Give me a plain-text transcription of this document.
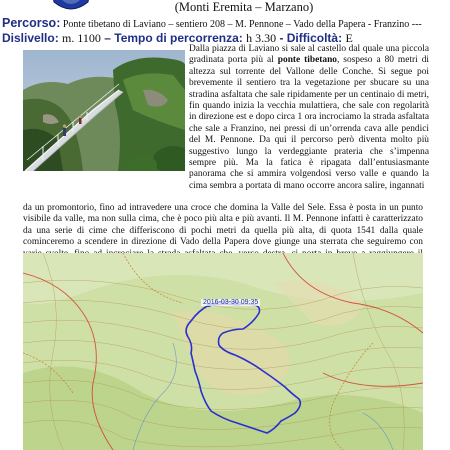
(Monti Eremita – Marzano)
Percorso: Ponte tibetano di Laviano – sentiero 208 – M. Pennone – Vado della Papera - Franzino ---
Dislivello: m. 1100 – Tempo di percorrenza: h 3.30 - Difficoltà: E
Dalla piazza di Laviano si sale al castello dal quale una piccola gradinata porta più al ponte tibetano, sospeso a 80 metri di altezza sul torrente del Vallone delle Conche. Si segue poi brevemente il sentiero tra la vegetazione per sbucare su una stradina asfaltata che sale ripidamente per un centinaio di metri, fin quando inizia la vecchia mulattiera, che sale con regolarità in direzione est e dopo circa 1 ora incrociamo la strada asfaltata che sale a Franzino, nei pressi di un’orrenda cava alle pendici del M. Pennone. Da qui il percorso però diventa molto più suggestivo lungo la verdeggiante prateria che s’impenna sempre più. Ma la fatica è ripagata dall’entusiasmante panorama che si ammira volgendosi verso valle e quando la cima sembra a portata di mano occorre ancora salire, ingannati
da un promontorio, fino ad intravedere una croce che domina la Valle del Sele. Essa è posta in un punto visibile da valle, ma non sulla cima, che è poco più alta e più avanti. Il M. Pennone infatti è caratterizzato da una serie di cime che differiscono di pochi metri da quella più alta, di quota 1541 dalla quale cominceremo a scendere in direzione di Vado della Papera dove giunge una sterrata che seguiremo con
2016-03-30 09:35
